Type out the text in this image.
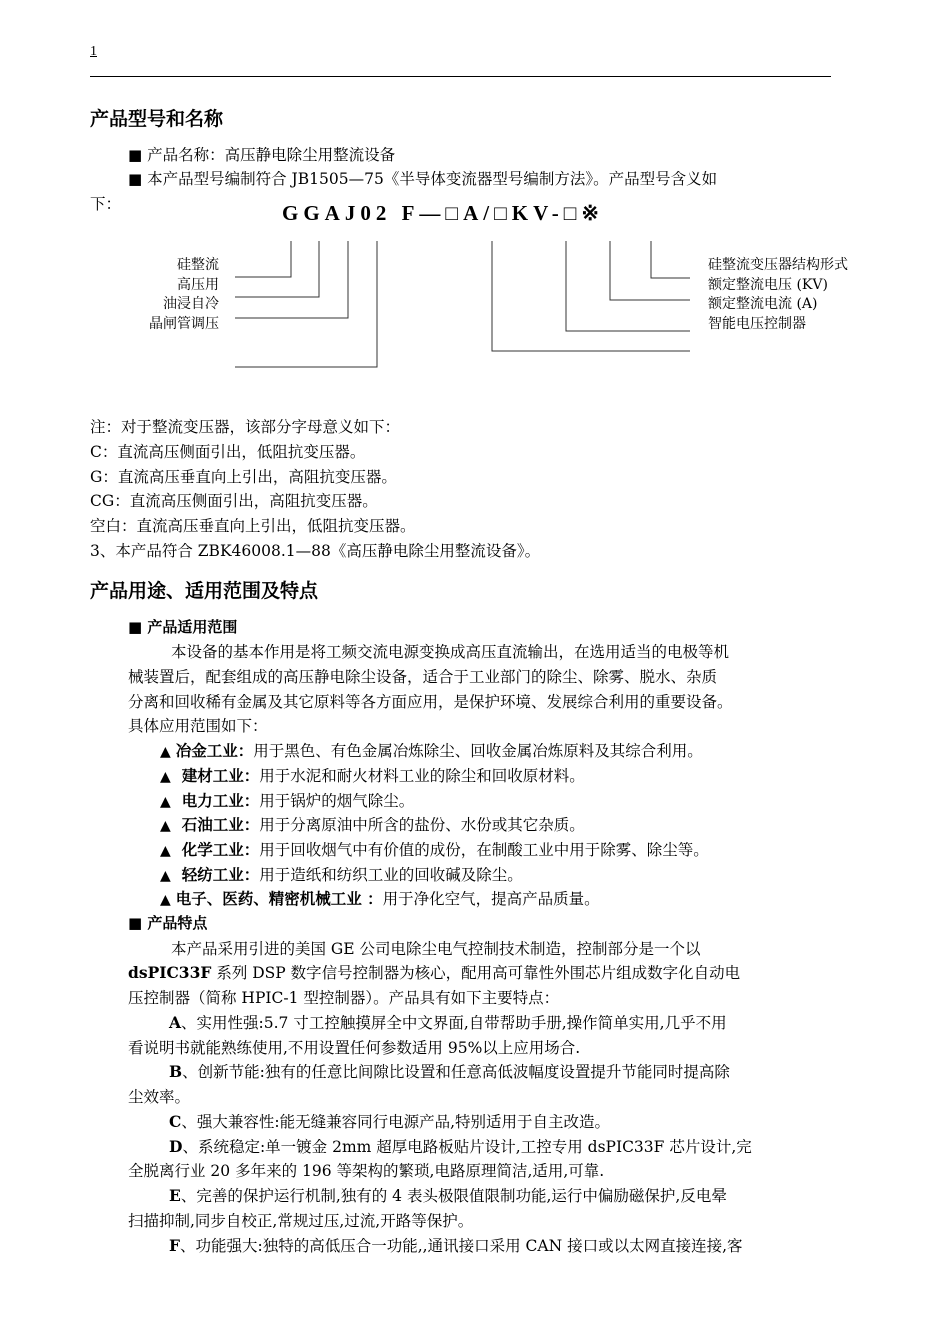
1
产品型号和名称
■ 产品名称：高压静电除尘用整流设备
■ 本产品型号编制符合 JB1505—75《半导体变流器型号编制方法》。产品型号含义如
下：	GGAJ02 F—□A/□KV-□※
硅整流
高压用
油浸自冷
晶闸管调压
硅整流变压器结构形式
额定整流电压 (KV)
额定整流电流 (A)
智能电压控制器
注：对于整流变压器，该部分字母意义如下：
C：直流高压侧面引出，低阻抗变压器。
G：直流高压垂直向上引出，高阻抗变压器。
CG：直流高压侧面引出，高阻抗变压器。
空白：直流高压垂直向上引出，低阻抗变压器。
3、本产品符合 ZBK46008.1—88《高压静电除尘用整流设备》。
产品用途、适用范围及特点
■ 产品适用范围
本设备的基本作用是将工频交流电源变换成高压直流输出，在选用适当的电极等机
械装置后，配套组成的高压静电除尘设备，适合于工业部门的除尘、除雾、脱水、杂质
分离和回收稀有金属及其它原料等各方面应用，是保护环境、发展综合利用的重要设备。
具体应用范围如下：
▲ 冶金工业：用于黑色、有色金属冶炼除尘、回收金属冶炼原料及其综合利用。
▲ 建材工业：用于水泥和耐火材料工业的除尘和回收原材料。
▲ 电力工业：用于锅炉的烟气除尘。
▲ 石油工业：用于分离原油中所含的盐份、水份或其它杂质。
▲ 化学工业：用于回收烟气中有价值的成份，在制酸工业中用于除雾、除尘等。
▲ 轻纺工业：用于造纸和纺织工业的回收碱及除尘。
▲ 电子、医药、精密机械工业 ：用于净化空气，提高产品质量。
■ 产品特点
本产品采用引进的美国 GE 公司电除尘电气控制技术制造，控制部分是一个以
dsPIC33F 系列 DSP 数字信号控制器为核心，配用高可靠性外围芯片组成数字化自动电
压控制器（简称 HPIC-1 型控制器）。产品具有如下主要特点：
A、实用性强:5.7 寸工控触摸屏全中文界面,自带帮助手册,操作简单实用,几乎不用
看说明书就能熟练使用,不用设置任何参数适用 95%以上应用场合.
B、创新节能:独有的任意比间隙比设置和任意高低波幅度设置提升节能同时提高除
尘效率。
C、强大兼容性:能无缝兼容同行电源产品,特别适用于自主改造。
D、系统稳定:单一镀金 2mm 超厚电路板贴片设计,工控专用 dsPIC33F 芯片设计,完
全脱离行业 20 多年来的 196 等架构的繁琐,电路原理简洁,适用,可靠.
E、完善的保护运行机制,独有的 4 表头极限值限制功能,运行中偏励磁保护,反电晕
扫描抑制,同步自校正,常规过压,过流,开路等保护。
F、功能强大:独特的高低压合一功能,,通讯接口采用 CAN 接口或以太网直接连接,客
